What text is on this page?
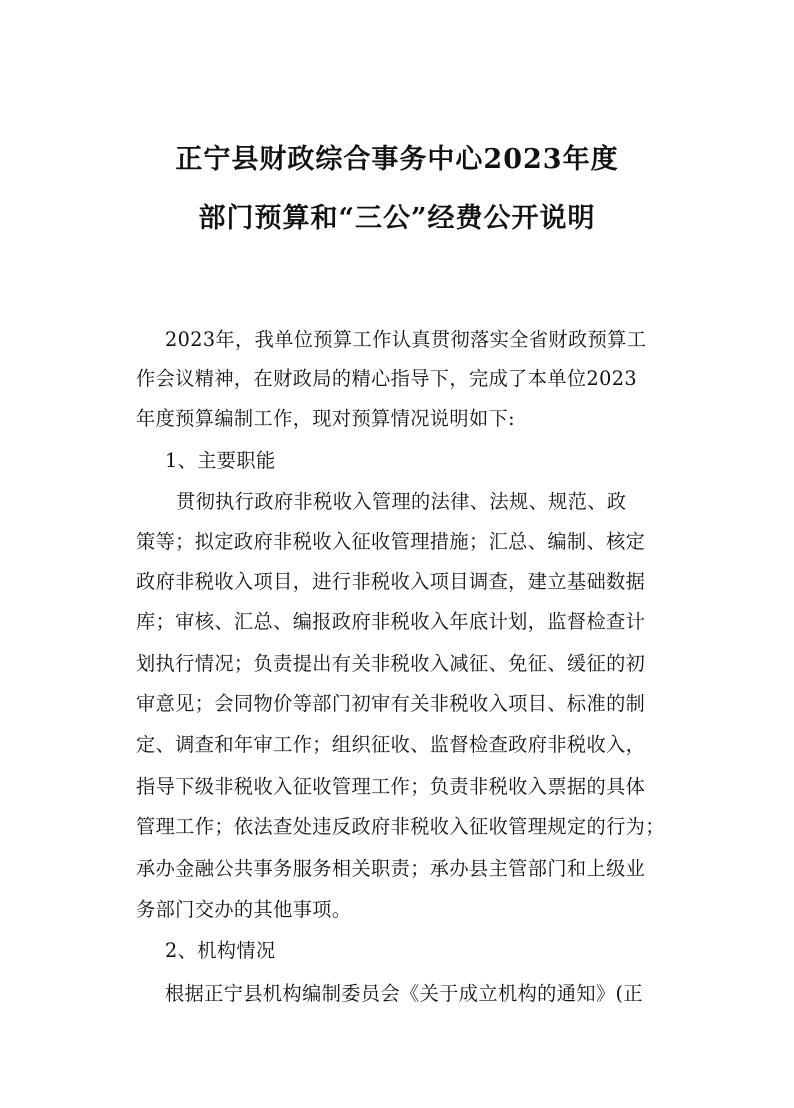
正宁县财政综合事务中心2023年度
部门预算和“三公”经费公开说明
2023年，我单位预算工作认真贯彻落实全省财政预算工
作会议精神，在财政局的精心指导下，完成了本单位2023
年度预算编制工作，现对预算情况说明如下:
1、主要职能
贯彻执行政府非税收入管理的法律、法规、规范、政
策等；拟定政府非税收入征收管理措施；汇总、编制、核定
政府非税收入项目，进行非税收入项目调查，建立基础数据
库；审核、汇总、编报政府非税收入年底计划，监督检查计
划执行情况；负责提出有关非税收入减征、免征、缓征的初
审意见；会同物价等部门初审有关非税收入项目、标准的制
定、调查和年审工作；组织征收、监督检查政府非税收入，
指导下级非税收入征收管理工作；负责非税收入票据的具体
管理工作；依法查处违反政府非税收入征收管理规定的行为；
承办金融公共事务服务相关职责；承办县主管部门和上级业
务部门交办的其他事项。
2、机构情况
根据正宁县机构编制委员会《关于成立机构的通知》(正
